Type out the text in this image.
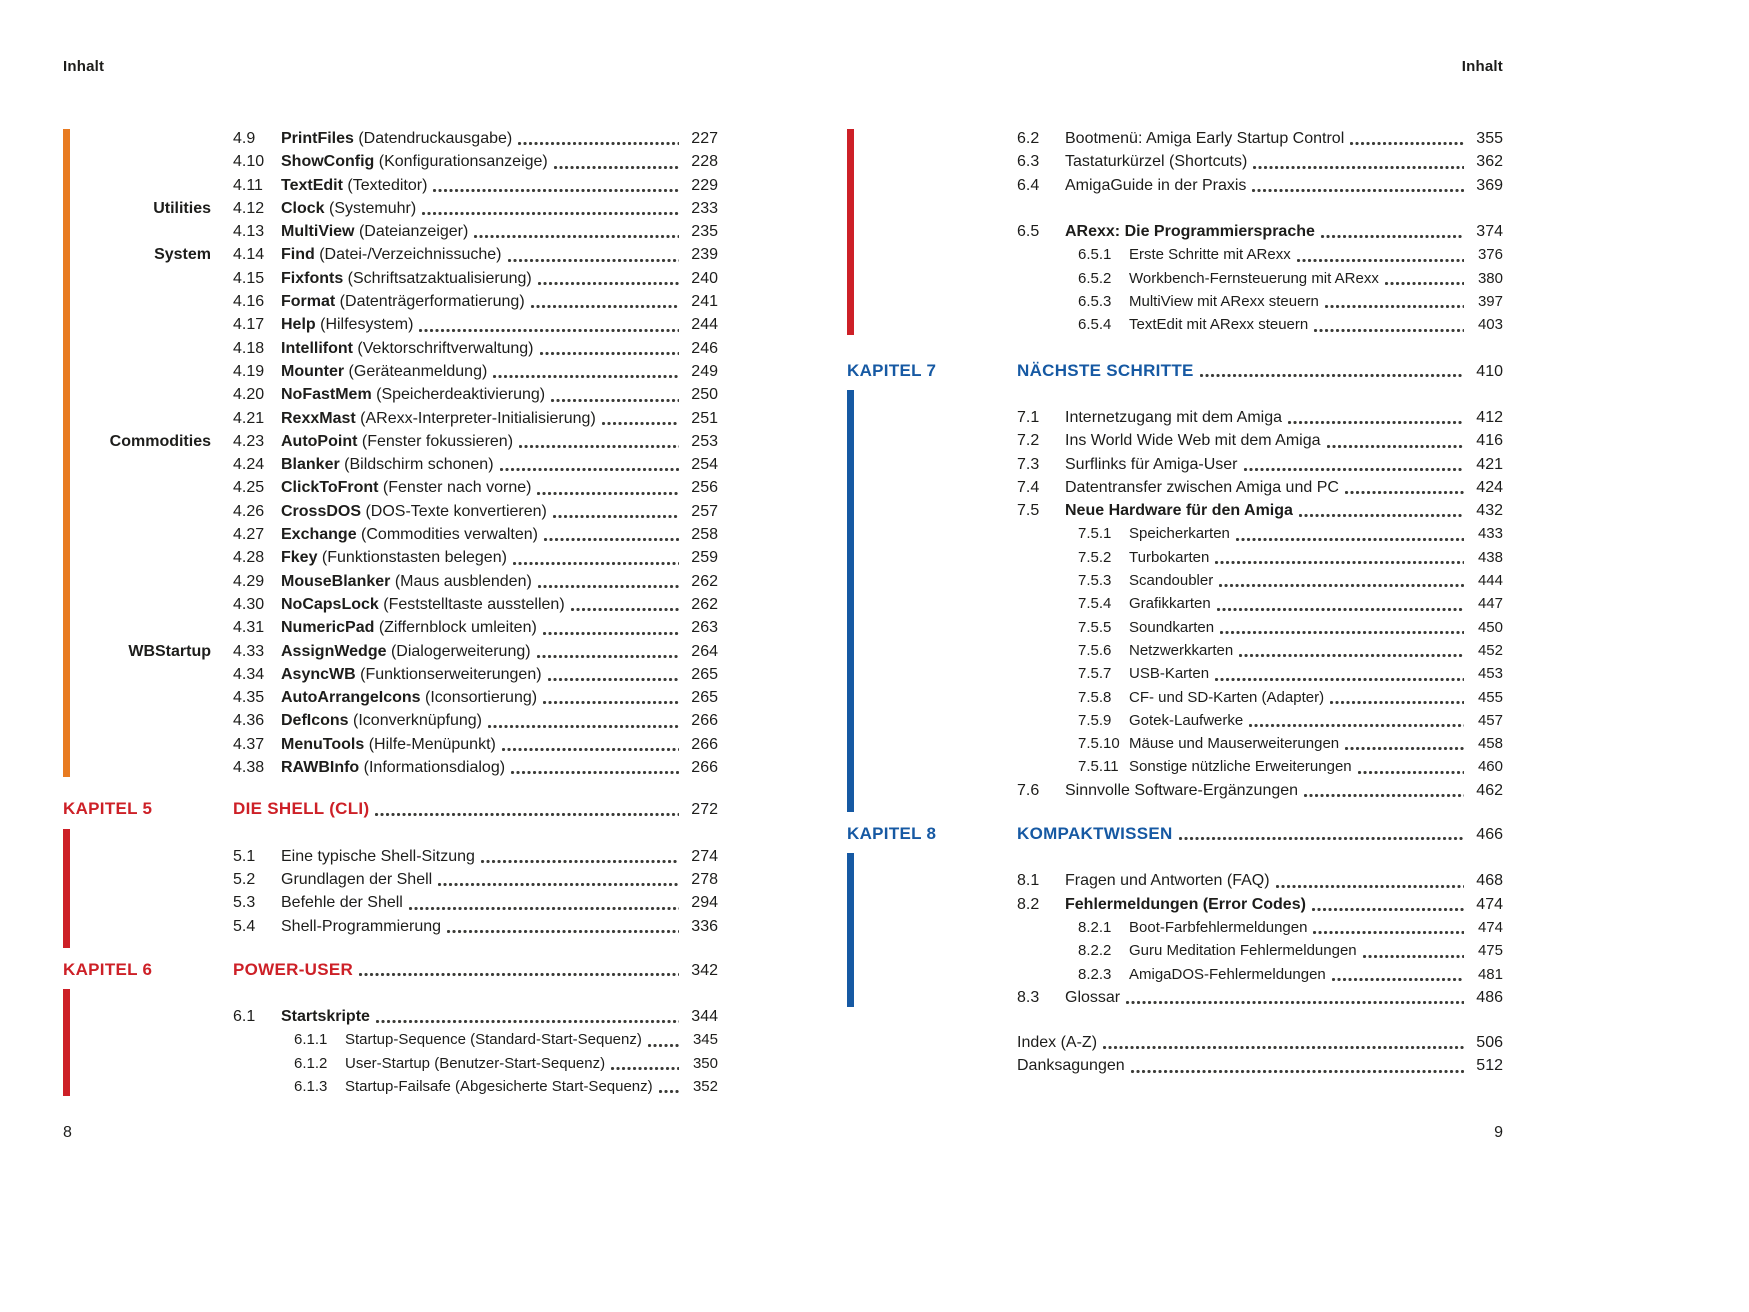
Inhalt	Inhalt
4.9	PrintFiles (Datendruckausgabe)	227
4.10	ShowConfig (Konfigurationsanzeige)	228
4.11	TextEdit (Texteditor)	229
Utilities 4.12	Clock (Systemuhr)	233
4.13	MultiView (Dateianzeiger)	235
System 4.14	Find (Datei-/Verzeichnissuche)	239
4.15	Fixfonts (Schriftsatzaktualisierung)	240
4.16	Format (Datenträgerformatierung)	241
4.17	Help (Hilfesystem)	244
4.18	Intellifont (Vektorschriftverwaltung)	246
4.19	Mounter (Geräteanmeldung)	249
4.20	NoFastMem (Speicherdeaktivierung)	250
4.21	RexxMast (ARexx-Interpreter-Initialisierung)	251
Commodities 4.23	AutoPoint (Fenster fokussieren)	253
4.24	Blanker (Bildschirm schonen)	254
4.25	ClickToFront (Fenster nach vorne)	256
4.26	CrossDOS (DOS-Texte konvertieren)	257
4.27	Exchange (Commodities verwalten)	258
4.28	Fkey (Funktionstasten belegen)	259
4.29	MouseBlanker (Maus ausblenden)	262
4.30	NoCapsLock (Feststelltaste ausstellen)	262
4.31	NumericPad (Ziffernblock umleiten)	263
WBStartup 4.33	AssignWedge (Dialogerweiterung)	264
4.34	AsyncWB (Funktionserweiterungen)	265
4.35	AutoArrangeIcons (Iconsortierung)	265
4.36	DefIcons (Iconverknüpfung)	266
4.37	MenuTools (Hilfe-Menüpunkt)	266
4.38	RAWBInfo (Informationsdialog)	266
KAPITEL 5	DIE SHELL (CLI)	272
5.1	Eine typische Shell-Sitzung	274
5.2	Grundlagen der Shell	278
5.3	Befehle der Shell	294
5.4	Shell-Programmierung	336
KAPITEL 6	POWER-USER	342
6.1	Startskripte	344
6.1.1	Startup-Sequence (Standard-Start-Sequenz)	345
6.1.2	User-Startup (Benutzer-Start-Sequenz)	350
6.1.3	Startup-Failsafe (Abgesicherte Start-Sequenz)	352
6.2	Bootmenü: Amiga Early Startup Control	355
6.3	Tastaturkürzel (Shortcuts)	362
6.4	AmigaGuide in der Praxis	369
6.5	ARexx: Die Programmiersprache	374
6.5.1	Erste Schritte mit ARexx	376
6.5.2	Workbench-Fernsteuerung mit ARexx	380
6.5.3	MultiView mit ARexx steuern	397
6.5.4	TextEdit mit ARexx steuern	403
KAPITEL 7	NÄCHSTE SCHRITTE	410
7.1	Internetzugang mit dem Amiga	412
7.2	Ins World Wide Web mit dem Amiga	416
7.3	Surflinks für Amiga-User	421
7.4	Datentransfer zwischen Amiga und PC	424
7.5	Neue Hardware für den Amiga	432
7.5.1	Speicherkarten	433
7.5.2	Turbokarten	438
7.5.3	Scandoubler	444
7.5.4	Grafikkarten	447
7.5.5	Soundkarten	450
7.5.6	Netzwerkkarten	452
7.5.7	USB-Karten	453
7.5.8	CF- und SD-Karten (Adapter)	455
7.5.9	Gotek-Laufwerke	457
7.5.10 Mäuse und Mauserweiterungen	458
7.5.11 Sonstige nützliche Erweiterungen	460
7.6	Sinnvolle Software-Ergänzungen	462
KAPITEL 8	KOMPAKTWISSEN	466
8.1	Fragen und Antworten (FAQ)	468
8.2	Fehlermeldungen (Error Codes)	474
8.2.1	Boot-Farbfehlermeldungen	474
8.2.2	Guru Meditation Fehlermeldungen	475
8.2.3	AmigaDOS-Fehlermeldungen	481
8.3	Glossar	486
Index (A-Z)	506
Danksagungen	512
8	9
